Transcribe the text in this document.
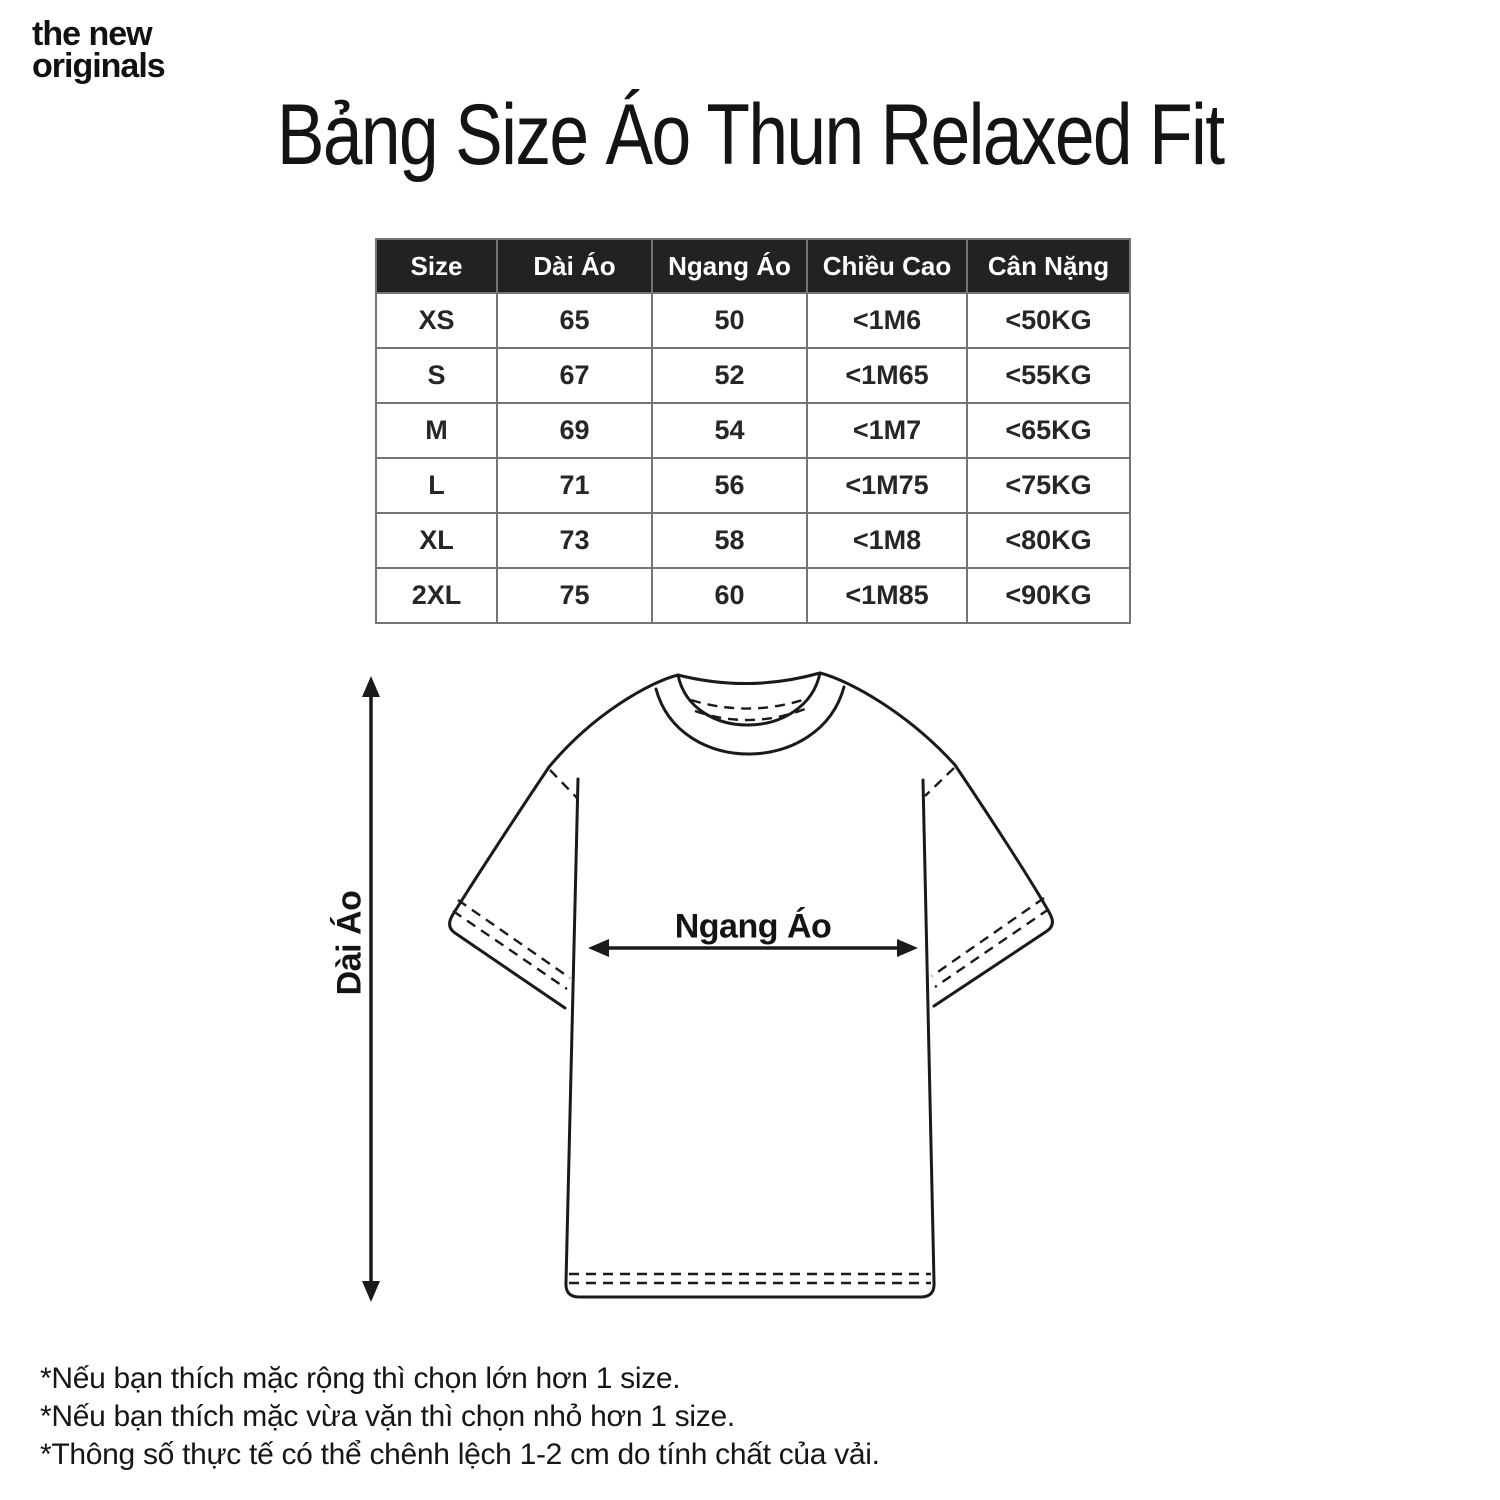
the new
originals
Bảng Size Áo Thun Relaxed Fit
Size	Dài Áo	Ngang Áo	Chiều Cao	Cân Nặng
XS	65	50	<1M6	<50KG
S	67	52	<1M65	<55KG
M	69	54	<1M7	<65KG
L	71	56	<1M75	<75KG
XL	73	58	<1M8	<80KG
2XL	75	60	<1M85	<90KG
Dài Áo	Ngang Áo

*Nếu bạn thích mặc rộng thì chọn lớn hơn 1 size.

*Nếu bạn thích mặc vừa vặn thì chọn nhỏ hơn 1 size.

*Thông số thực tế có thể chênh lệch 1-2 cm do tính chất của vải.
